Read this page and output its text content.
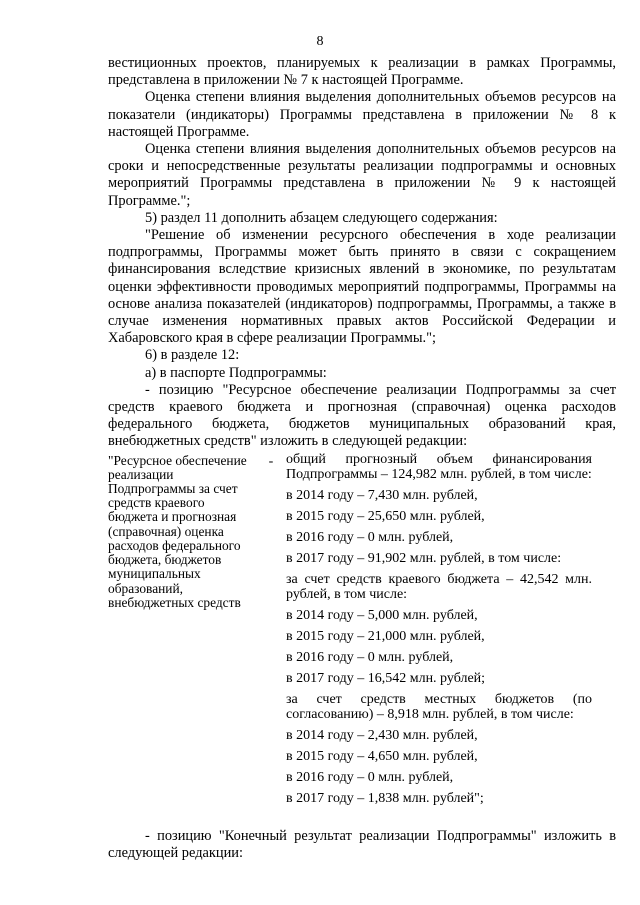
8

вестиционных проектов, планируемых к реализации в рамках Программы, представлена в приложении № 7 к настоящей Программе.

Оценка степени влияния выделения дополнительных объемов ресурсов на показатели (индикаторы) Программы представлена в приложении № 8 к настоящей Программе.

Оценка степени влияния выделения дополнительных объемов ресурсов на сроки и непосредственные результаты реализации подпрограммы и основных мероприятий Программы представлена в приложении № 9 к настоящей Программе.";

5) раздел 11 дополнить абзацем следующего содержания:

"Решение об изменении ресурсного обеспечения в ходе реализации подпрограммы, Программы может быть принято в связи с сокращением финансирования вследствие кризисных явлений в экономике, по результатам оценки эффективности проводимых мероприятий подпрограммы, Программы на основе анализа показателей (индикаторов) подпрограммы, Программы, а также в случае изменения нормативных правых актов Российской Федерации и Хабаровского края в сфере реализации Программы.";

6) в разделе 12:

а) в паспорте Подпрограммы:

- позицию "Ресурсное обеспечение реализации Подпрограммы за счет средств краевого бюджета и прогнозная (справочная) оценка расходов федерального бюджета, бюджетов муниципальных образований края, внебюджетных средств" изложить в следующей редакции:

"Ресурсное обеспечение реализации Подпрограммы за счет средств краевого бюджета и прогнозная (справочная) оценка расходов федерального бюджета, бюджетов муниципальных образований, внебюджетных средств
- общий прогнозный объем финансирования Подпрограммы – 124,982 млн. рублей, в том числе:

в 2014 году – 7,430 млн. рублей,

в 2015 году – 25,650 млн. рублей,

в 2016 году – 0 млн. рублей,

в 2017 году – 91,902 млн. рублей, в том числе:

за счет средств краевого бюджета – 42,542 млн. рублей, в том числе:

в 2014 году – 5,000 млн. рублей,

в 2015 году – 21,000 млн. рублей,

в 2016 году – 0 млн. рублей,

в 2017 году – 16,542 млн. рублей;

за счет средств местных бюджетов (по согласованию) – 8,918 млн. рублей, в том числе:

в 2014 году – 2,430 млн. рублей,

в 2015 году – 4,650 млн. рублей,

в 2016 году – 0 млн. рублей,

в 2017 году – 1,838 млн. рублей";

- позицию "Конечный результат реализации Подпрограммы" изложить в следующей редакции:
